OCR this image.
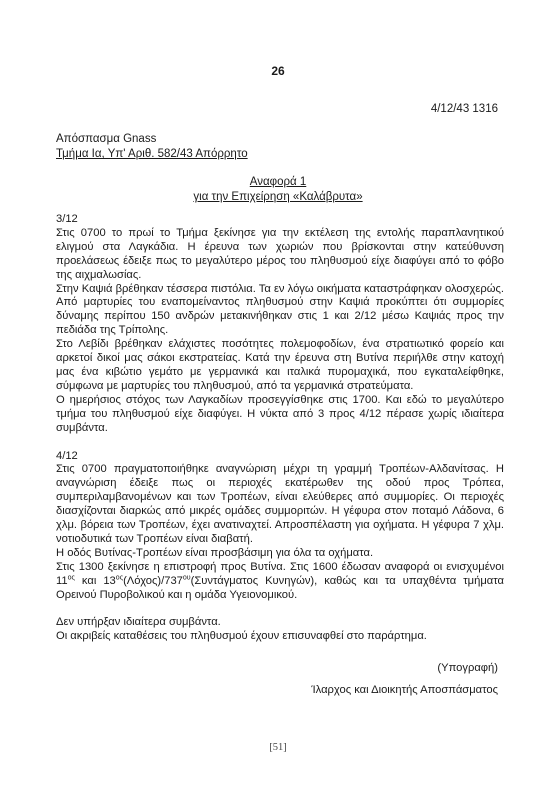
26
4/12/43 1316
Απόσπασμα Gnass
Τμήμα Ια, Υπ' Αριθ. 582/43 Απόρρητο
Αναφορά 1
για την Επιχείρηση «Καλάβρυτα»

3/12

Στις 0700 το πρωί το Τμήμα ξεκίνησε για την εκτέλεση της εντολής παραπλανητικού ελιγμού στα Λαγκάδια. Η έρευνα των χωριών που βρίσκονται στην κατεύθυνση προελάσεως έδειξε πως το μεγαλύτερο μέρος του πληθυσμού είχε διαφύγει από το φόβο της αιχμαλωσίας.

Στην Καψιά βρέθηκαν τέσσερα πιστόλια. Τα εν λόγω οικήματα καταστράφηκαν ολοσχερώς. Από μαρτυρίες του εναπομείναντος πληθυσμού στην Καψιά προκύπτει ότι συμμορίες δύναμης περίπου 150 ανδρών μετακινήθηκαν στις 1 και 2/12 μέσω Καψιάς προς την πεδιάδα της Τρίπολης.

Στο Λεβίδι βρέθηκαν ελάχιστες ποσότητες πολεμοφοδίων, ένα στρατιωτικό φορείο και αρκετοί δικοί μας σάκοι εκστρατείας. Κατά την έρευνα στη Βυτίνα περιήλθε στην κατοχή μας ένα κιβώτιο γεμάτο με γερμανικά και ιταλικά πυρομαχικά, που εγκαταλείφθηκε, σύμφωνα με μαρτυρίες του πληθυσμού, από τα γερμανικά στρατεύματα.

Ο ημερήσιος στόχος των Λαγκαδίων προσεγγίσθηκε στις 1700. Και εδώ το μεγαλύτερο τμήμα του πληθυσμού είχε διαφύγει. Η νύκτα από 3 προς 4/12 πέρασε χωρίς ιδιαίτερα συμβάντα.

4/12

Στις 0700 πραγματοποιήθηκε αναγνώριση μέχρι τη γραμμή Τροπέων-Αλδανίτσας. Η αναγνώριση έδειξε πως οι περιοχές εκατέρωθεν της οδού προς Τρόπεα, συμπεριλαμβανομένων και των Τροπέων, είναι ελεύθερες από συμμορίες. Οι περιοχές διασχίζονται διαρκώς από μικρές ομάδες συμμοριτών. Η γέφυρα στον ποταμό Λάδονα, 6 χλμ. βόρεια των Τροπέων, έχει ανατιναχτεί. Απροσπέλαστη για οχήματα. Η γέφυρα 7 χλμ. νοτιοδυτικά των Τροπέων είναι διαβατή.

Η οδός Βυτίνας-Τροπέων είναι προσβάσιμη για όλα τα οχήματα.

Στις 1300 ξεκίνησε η επιστροφή προς Βυτίνα. Στις 1600 έδωσαν αναφορά οι ενισχυμένοι $11^{o\varsigma}$ και $13^{o\varsigma}(\Lambda ό\chi o\varsigma)/737^{o\upsilon}(\Sigma\upsilon\nu\tau ά\gamma\mu\alpha\tau o\varsigma$ Κυνηγών), καθώς και τα υπαχθέντα τμήματα Ορεινού Πυροβολικού και η ομάδα Υγειονομικού.

Δεν υπήρξαν ιδιαίτερα συμβάντα.

Οι ακριβείς καταθέσεις του πληθυσμού έχουν επισυναφθεί στο παράρτημα.

(Υπογραφή)
Ίλαρχος και Διοικητής Αποσπάσματος
[51]
